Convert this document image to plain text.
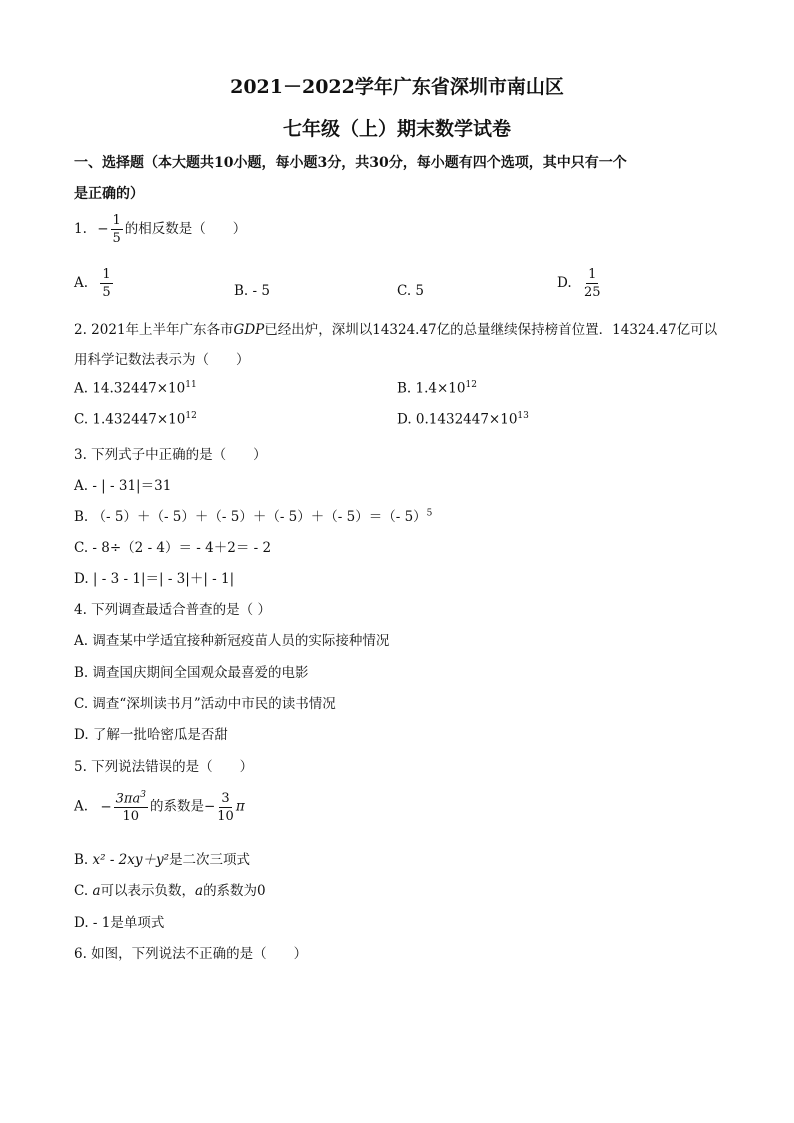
2021－2022学年广东省深圳市南山区
七年级（上）期末数学试卷
一、选择题（本大题共10小题，每小题3分，共30分，每小题有四个选项，其中只有一个
是正确的）
1. − $\frac{1}{5}$ 的相反数是（　　）
A. $\frac{1}{5}$	B. - 5	C. 5	D. $\frac{1}{25}$
2. 2021年上半年广东各市GDP已经出炉，深圳以14324.47亿的总量继续保持榜首位置．14324.47亿可以
用科学记数法表示为（　　）
A. $14.32447\times 10^{11}$	B. $1.4\times 10^{12}$
C. $1.432447\times 10^{12}$	D. $0.1432447\times 10^{13}$
3. 下列式子中正确的是（　　）
A. - | - 31|＝31
B. （- 5）＋（- 5）＋（- 5）＋（- 5）＋（- 5）＝（- 5）$^5$
C. - 8÷（2 - 4）＝ - 4＋2＝ - 2
D. | - 3 - 1|＝| - 3|＋| - 1|
4. 下列调查最适合普查的是（ ）
A. 调查某中学适宜接种新冠疫苗人员的实际接种情况
B. 调查国庆期间全国观众最喜爱的电影
C. 调查“深圳读书月”活动中市民的读书情况
D. 了解一批哈密瓜是否甜
5. 下列说法错误的是（　　）
A. − $\frac{3\pi a^3}{10}$ 的系数是− $\frac{3}{10}$ π
B. x² - 2xy＋y²是二次三项式
C. a可以表示负数，a的系数为0
D. - 1是单项式
6. 如图，下列说法不正确的是（　　）
